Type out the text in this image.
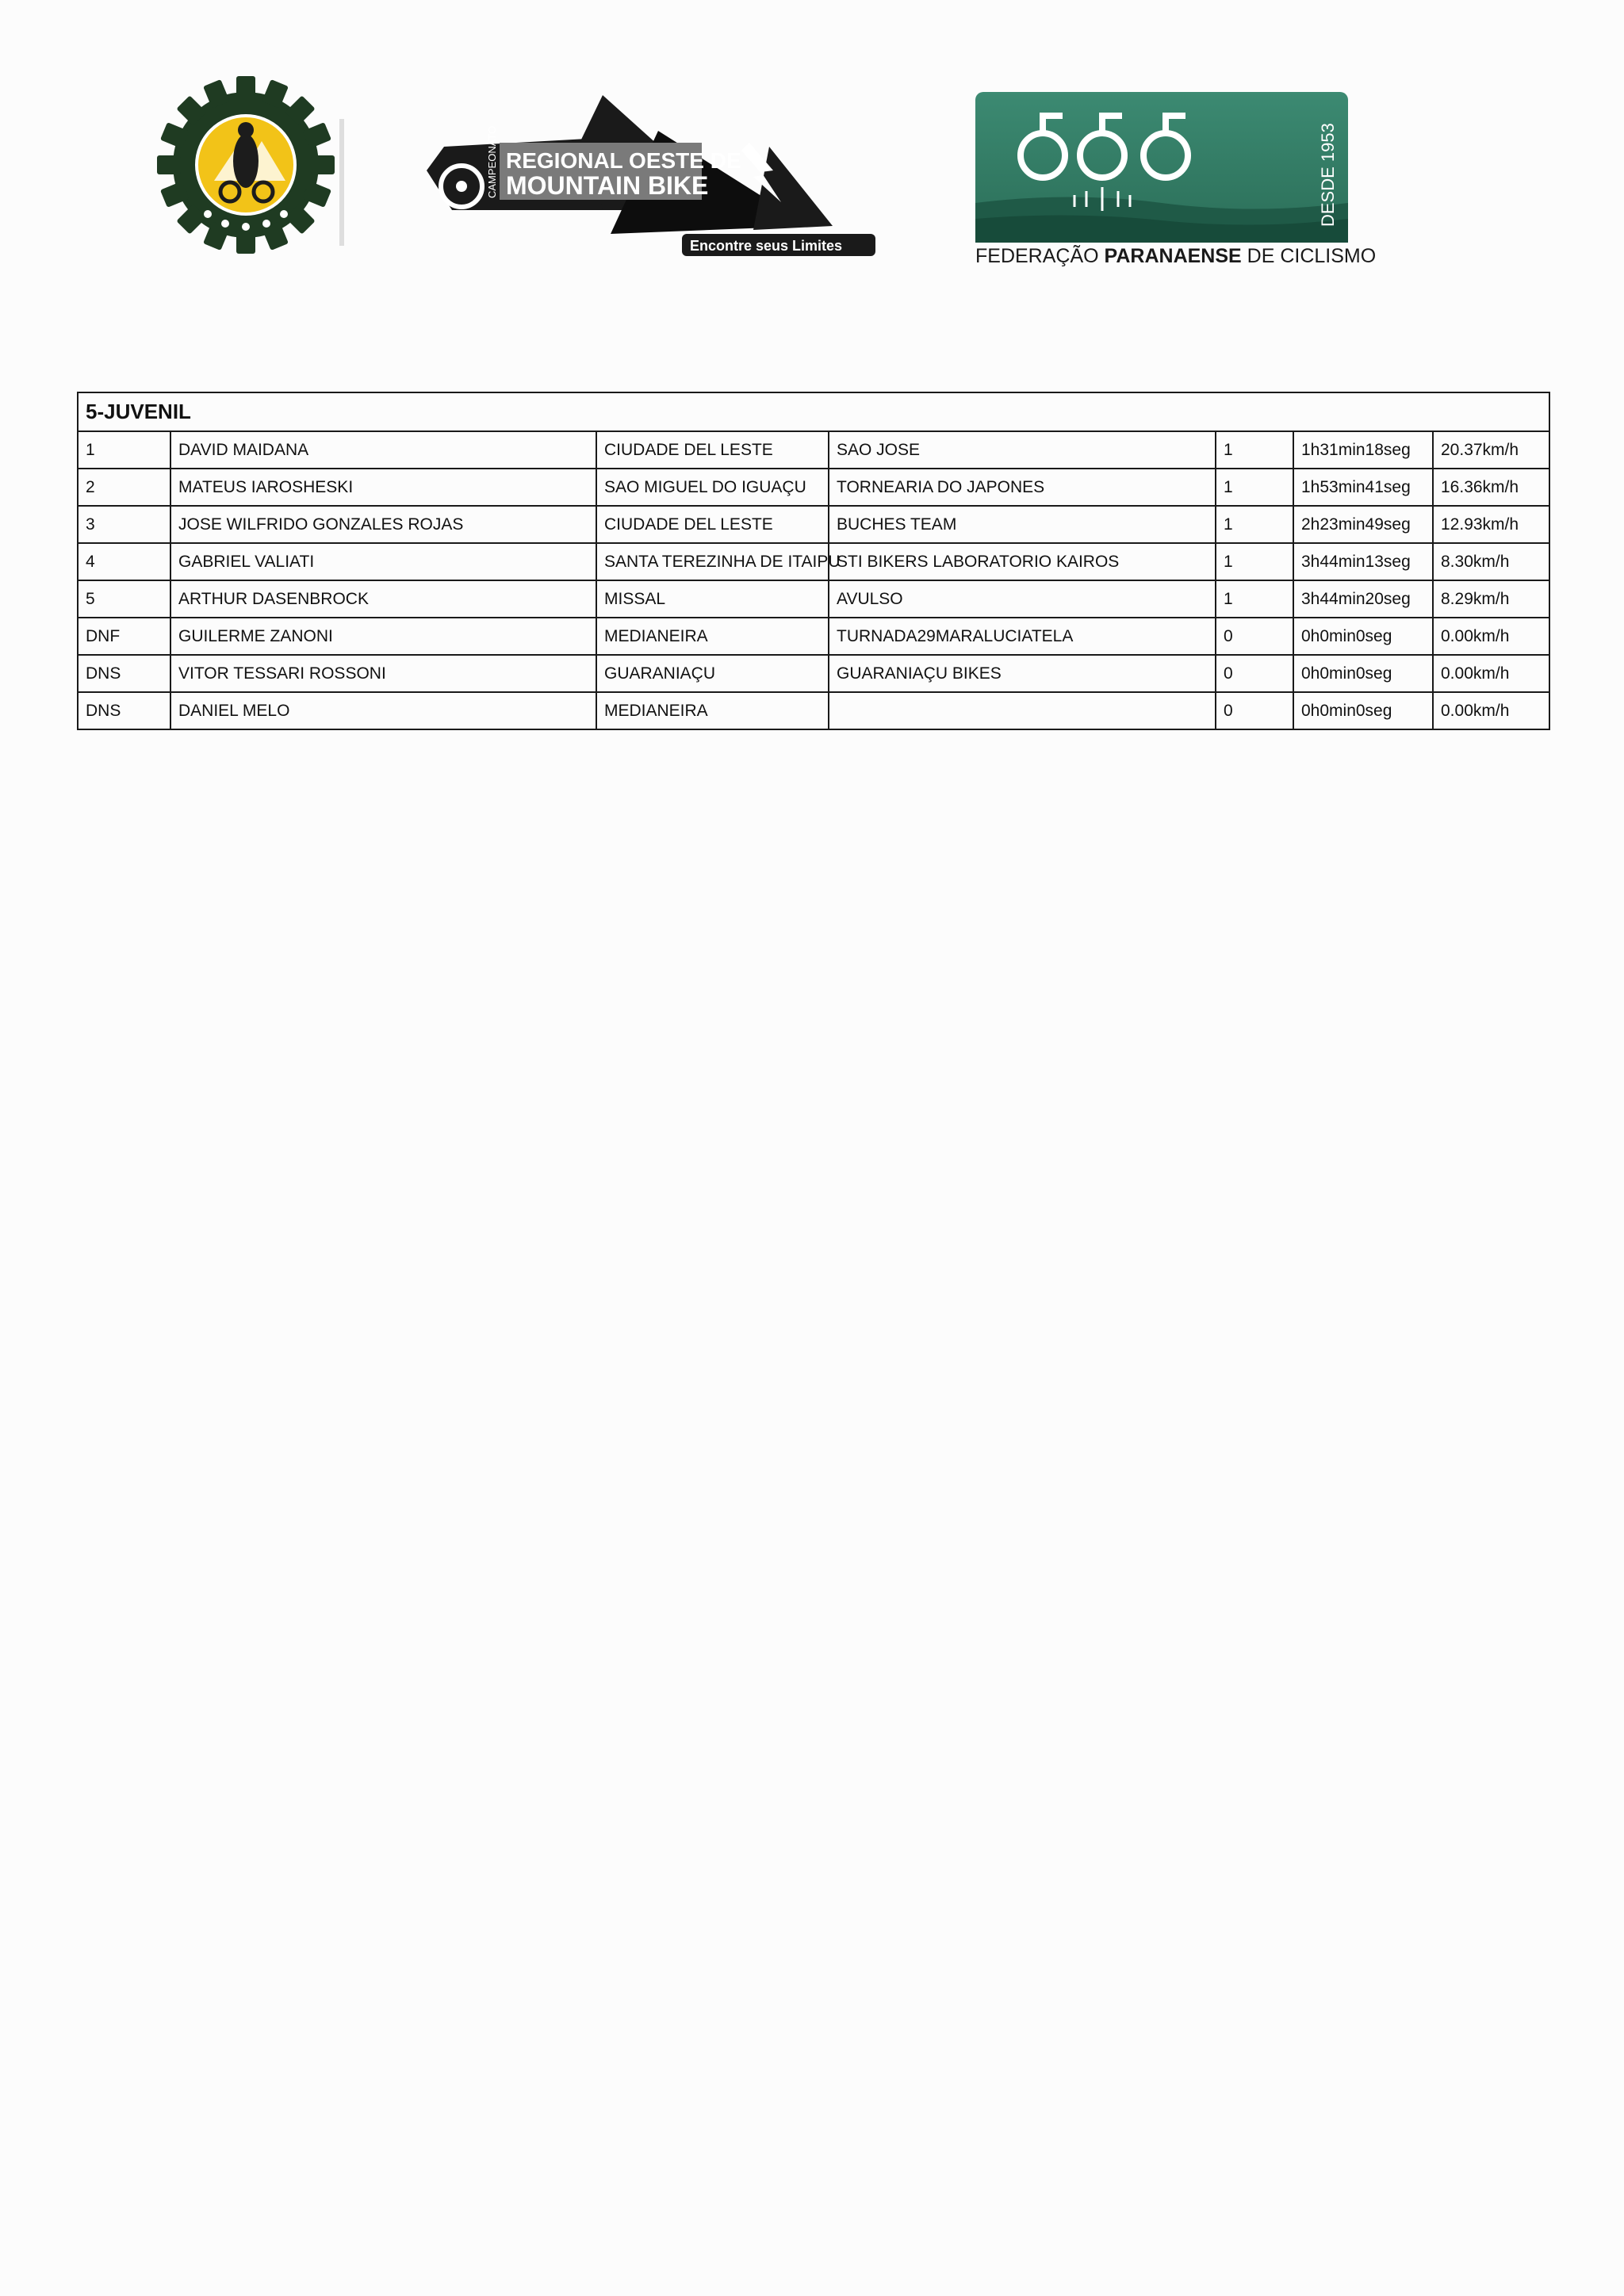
REGIONAL OESTE DE
MOUNTAIN BIKE
CAMPEONATO
Encontre seus Limites
DESDE 1953
FEDERAÇÃO PARANAENSE DE CICLISMO
5-JUVENIL						
1	DAVID MAIDANA	CIUDADE DEL LESTE	SAO JOSE	1	1h31min18seg	20.37km/h
2	MATEUS IAROSHESKI	SAO MIGUEL DO IGUAÇU	TORNEARIA DO JAPONES	1	1h53min41seg	16.36km/h
3	JOSE WILFRIDO GONZALES ROJAS	CIUDADE DEL LESTE	BUCHES TEAM	1	2h23min49seg	12.93km/h
4	GABRIEL VALIATI	SANTA TEREZINHA DE ITAIPU	STI BIKERS LABORATORIO KAIROS	1	3h44min13seg	8.30km/h
5	ARTHUR DASENBROCK	MISSAL	AVULSO	1	3h44min20seg	8.29km/h
DNF	GUILERME ZANONI	MEDIANEIRA	TURNADA29MARALUCIATELA	0	0h0min0seg	0.00km/h
DNS	VITOR TESSARI ROSSONI	GUARANIAÇU	GUARANIAÇU BIKES	0	0h0min0seg	0.00km/h
DNS	DANIEL MELO	MEDIANEIRA		0	0h0min0seg	0.00km/h
